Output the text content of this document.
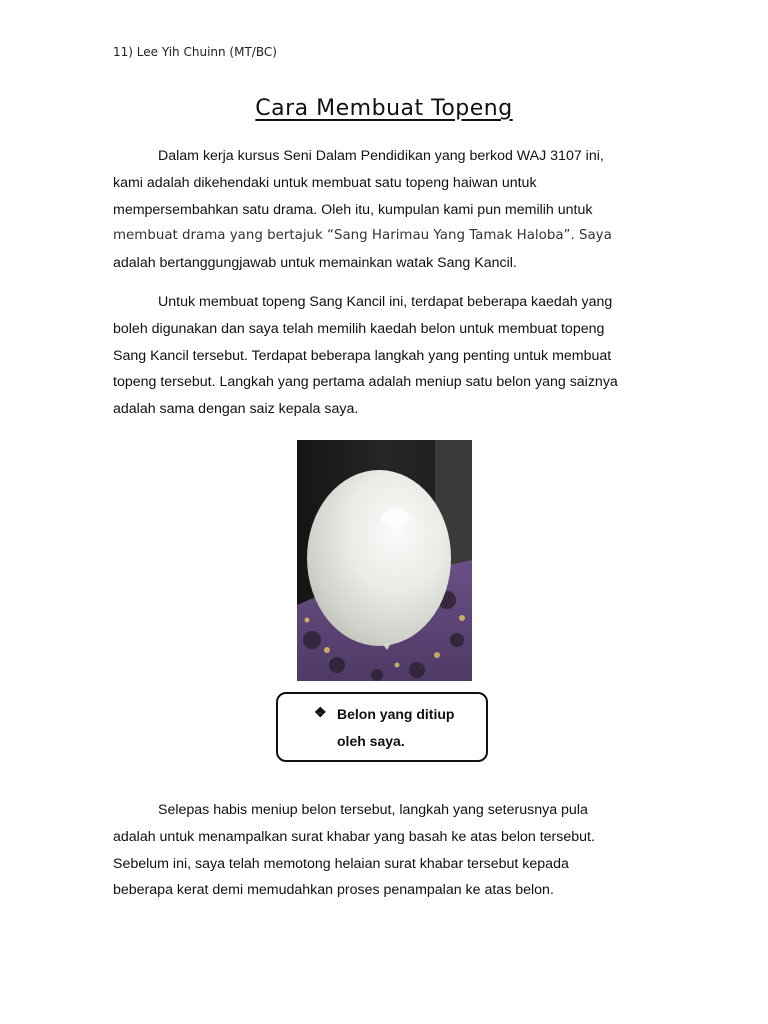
11) Lee Yih Chuinn (MT/BC)
Cara Membuat Topeng

Dalam kerja kursus Seni Dalam Pendidikan yang berkod WAJ 3107 ini,
kami adalah dikehendaki untuk membuat satu topeng haiwan untuk
mempersembahkan satu drama. Oleh itu, kumpulan kami pun memilih untuk
membuat drama yang bertajuk “Sang Harimau Yang Tamak Haloba”. Saya
adalah bertanggungjawab untuk memainkan watak Sang Kancil.

Untuk membuat topeng Sang Kancil ini, terdapat beberapa kaedah yang
boleh digunakan dan saya telah memilih kaedah belon untuk membuat topeng
Sang Kancil tersebut. Terdapat beberapa langkah yang penting untuk membuat
topeng tersebut. Langkah yang pertama adalah meniup satu belon yang saiznya
adalah sama dengan saiz kepala saya.

❖ Belon yang ditiup
oleh saya.

Selepas habis meniup belon tersebut, langkah yang seterusnya pula
adalah untuk menampalkan surat khabar yang basah ke atas belon tersebut.
Sebelum ini, saya telah memotong helaian surat khabar tersebut kepada
beberapa kerat demi memudahkan proses penampalan ke atas belon.
